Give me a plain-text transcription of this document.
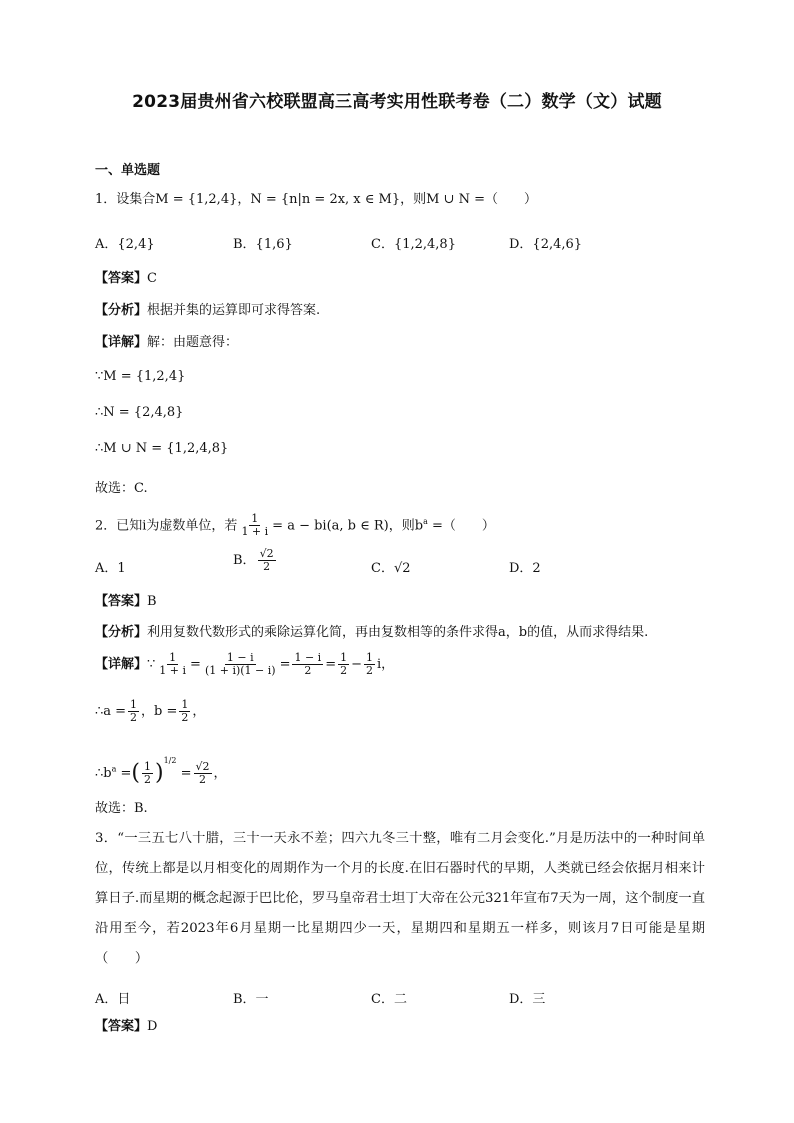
2023届贵州省六校联盟高三高考实用性联考卷（二）数学（文）试题
一、单选题
1．设集合M = {1,2,4}，N = {n|n = 2x, x ∈ M}，则M ∪ N =（　　）
A．{2,4}	B．{1,6}	C．{1,2,4,8}	D．{2,4,6}
【答案】C
【分析】根据并集的运算即可求得答案.
【详解】解：由题意得：
∵M = {1,2,4}
∴N = {2,4,8}
∴M ∪ N = {1,2,4,8}
故选：C.
2．已知i为虚数单位，若 $\frac{1}{1 + i} = a - bi(a$, b ∈ R)，则$b^a$ =（　　）
A．1
B． $\frac{√2}{2}$	C．√2	D．2
【答案】B
【分析】利用复数代数形式的乘除运算化简，再由复数相等的条件求得a，b的值，从而求得结果.
【详解】∵ $\frac{1}{1 + i} = \frac{1 - i}{(1 + i)(1 - i)} = \frac{1 - i}{2} = \frac{1}{2} - \frac{1}{2}$ i，
∴a = $\frac{1}{2}$ ，$b = \frac{1}{2}$ ，
$\therefore b^a$ =( $\frac{1}{2} )^{1/2} = \frac{√2}{2}$ ，
故选：B.
3．“一三五七八十腊，三十一天永不差；四六九冬三十整，唯有二月会变化.”月是历法中的一种时间单位，传统上都是以月相变化的周期作为一个月的长度.在旧石器时代的早期，人类就已经会依据月相来计算日子.而星期的概念起源于巴比伦，罗马皇帝君士坦丁大帝在公元321年宣布7天为一周，这个制度一直沿用至今，若2023年6月星期一比星期四少一天，星期四和星期五一样多，则该月7日可能是星期（　　）
A．日	B．一	C．二	D．三
【答案】D
